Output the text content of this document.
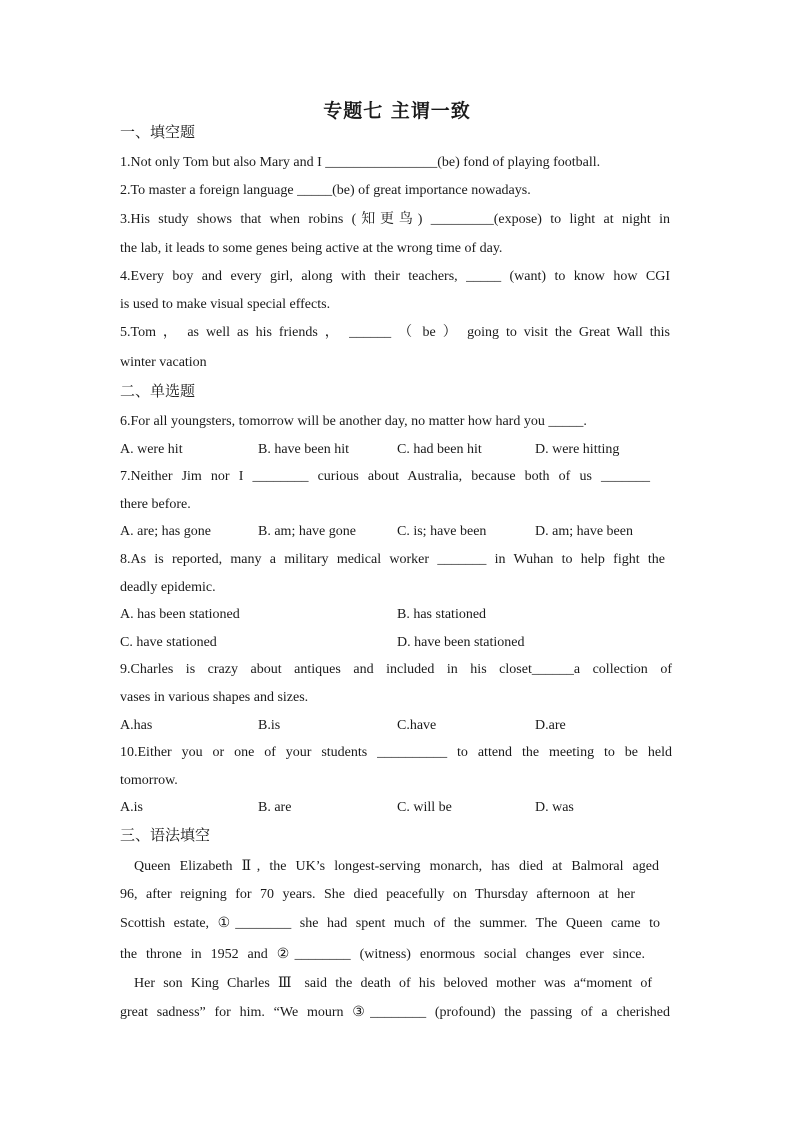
专题七 主谓一致
一、填空题
1.Not only Tom but also Mary and I ________________(be) fond of playing football.
2.To master a foreign language _____(be) of great importance nowadays.
3.His study shows that when robins (知更鸟) _________(expose) to light at night in
the lab, it leads to some genes being active at the wrong time of day.
4.Every boy and every girl, along with their teachers, _____ (want) to know how CGI
is used to make visual special effects.
5.Tom ， as well as his friends ， ______ （ be ） going to visit the Great Wall this
winter vacation
二、单选题
6.For all youngsters, tomorrow will be another day, no matter how hard you _____.
A. were hit	B. have been hit	C. had been hit	D. were hitting
7.Neither Jim nor I ________ curious about Australia, because both of us _______
there before.
A. are; has gone	B. am; have gone	C. is; have been	D. am; have been
8.As is reported, many a military medical worker _______ in Wuhan to help fight the
deadly epidemic.
A. has been stationed	B. has stationed
C. have stationed	D. have been stationed
9.Charles is crazy about antiques and included in his closet______a collection of
vases in various shapes and sizes.
A.has	B.is	C.have	D.are
10.Either you or one of your students __________ to attend the meeting to be held
tomorrow.
A.is	B. are	C. will be	D. was
三、语法填空
Queen Elizabeth Ⅱ, the UK’s longest-serving monarch, has died at Balmoral aged
96, after reigning for 70 years. She died peacefully on Thursday afternoon at her
Scottish estate, ①________ she had spent much of the summer. The Queen came to
the throne in 1952 and ②________ (witness) enormous social changes ever since.
Her son King Charles Ⅲ said the death of his beloved mother was a“moment of
great sadness” for him. “We mourn ③________ (profound) the passing of a cherished
